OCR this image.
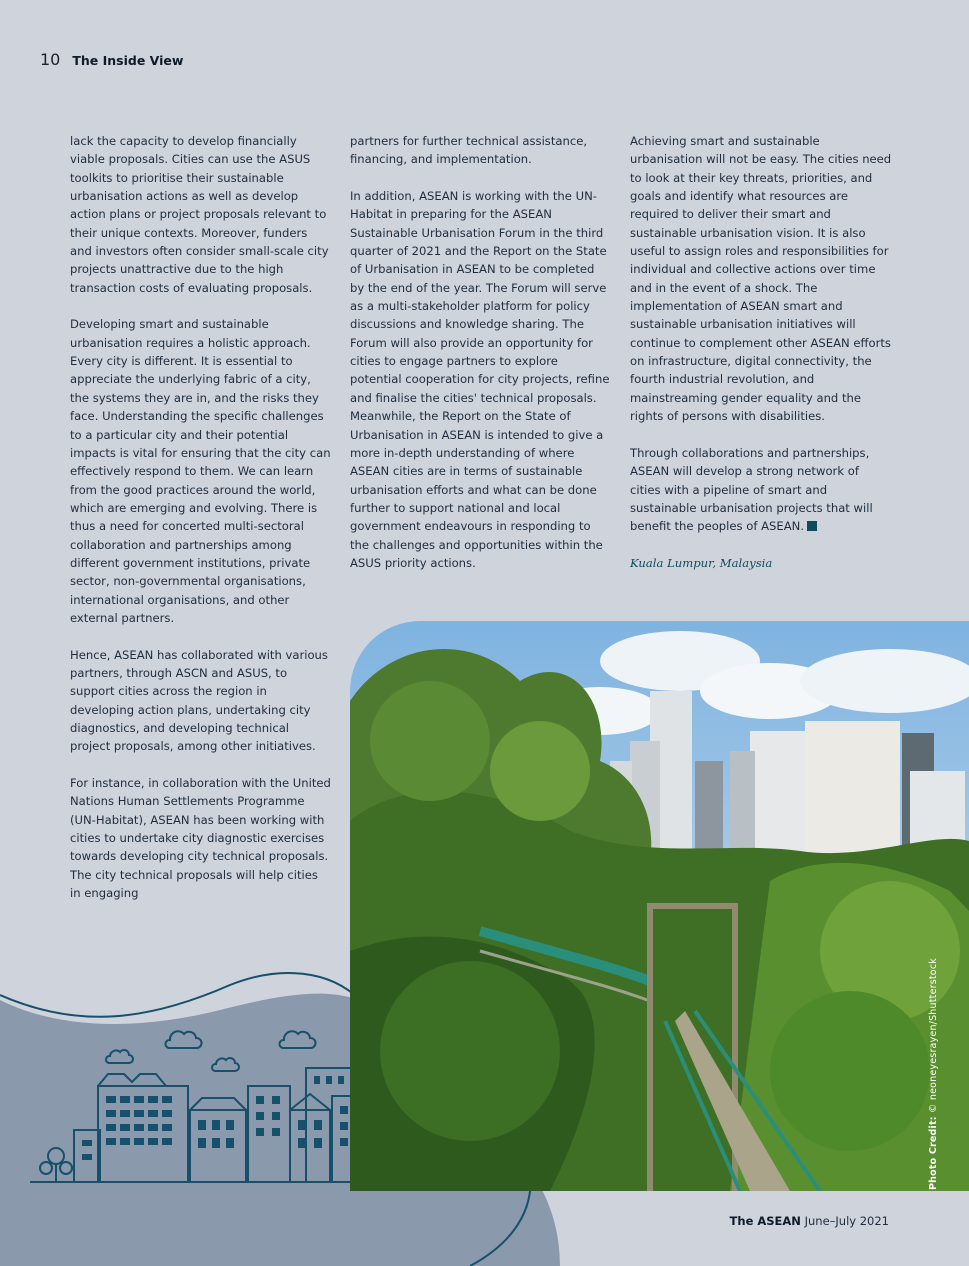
10 The Inside View

lack the capacity to develop financially viable proposals. Cities can use the ASUS toolkits to prioritise their sustainable urbanisation actions as well as develop action plans or project proposals relevant to their unique contexts. Moreover, funders and investors often consider small-scale city projects unattractive due to the high transaction costs of evaluating proposals.

Developing smart and sustainable urbanisation requires a holistic approach. Every city is different. It is essential to appreciate the underlying fabric of a city, the systems they are in, and the risks they face. Understanding the specific challenges to a particular city and their potential impacts is vital for ensuring that the city can effectively respond to them. We can learn from the good practices around the world, which are emerging and evolving. There is thus a need for concerted multi-sectoral collaboration and partnerships among different government institutions, private sector, non-governmental organisations, international organisations, and other external partners.

Hence, ASEAN has collaborated with various partners, through ASCN and ASUS, to support cities across the region in developing action plans, undertaking city diagnostics, and developing technical project proposals, among other initiatives.

For instance, in collaboration with the United Nations Human Settlements Programme (UN-Habitat), ASEAN has been working with cities to undertake city diagnostic exercises towards developing city technical proposals. The city technical proposals will help cities in engaging

partners for further technical assistance, financing, and implementation.

In addition, ASEAN is working with the UN-Habitat in preparing for the ASEAN Sustainable Urbanisation Forum in the third quarter of 2021 and the Report on the State of Urbanisation in ASEAN to be completed by the end of the year. The Forum will serve as a multi-stakeholder platform for policy discussions and knowledge sharing. The Forum will also provide an opportunity for cities to engage partners to explore potential cooperation for city projects, refine and finalise the cities' technical proposals. Meanwhile, the Report on the State of Urbanisation in ASEAN is intended to give a more in-depth understanding of where ASEAN cities are in terms of sustainable urbanisation efforts and what can be done further to support national and local government endeavours in responding to the challenges and opportunities within the ASUS priority actions.

Achieving smart and sustainable urbanisation will not be easy. The cities need to look at their key threats, priorities, and goals and identify what resources are required to deliver their smart and sustainable urbanisation vision. It is also useful to assign roles and responsibilities for individual and collective actions over time and in the event of a shock. The implementation of ASEAN smart and sustainable urbanisation initiatives will continue to complement other ASEAN efforts on infrastructure, digital connectivity, the fourth industrial revolution, and mainstreaming gender equality and the rights of persons with disabilities.

Through collaborations and partnerships, ASEAN will develop a strong network of cities with a pipeline of smart and sustainable urbanisation projects that will benefit the peoples of ASEAN.

Kuala Lumpur, Malaysia

Photo Credit: © neoneyesrayen/Shutterstock
The ASEAN June–July 2021
